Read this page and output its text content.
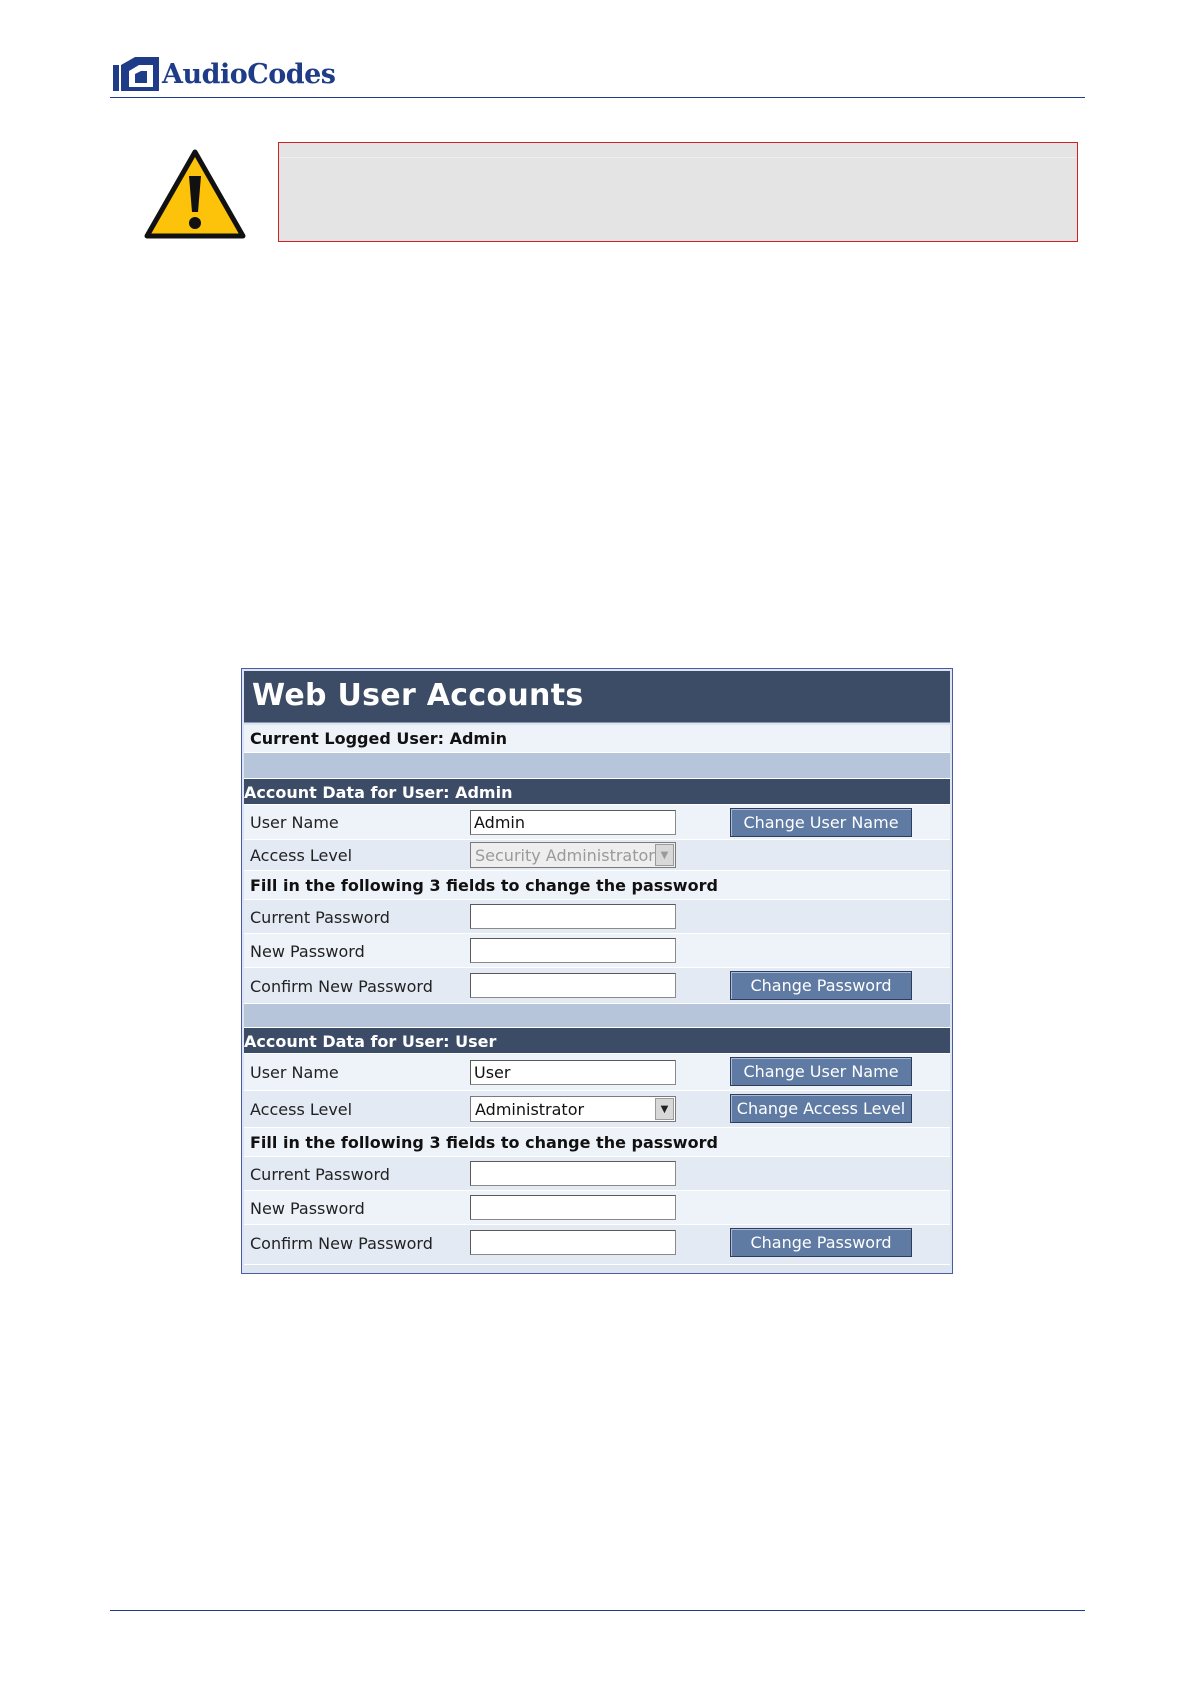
AudioCodes
Web User Accounts
Current Logged User: Admin
Account Data for User: Admin
User Name	Admin	Change User Name
Access Level	Security Administrator ▼
Fill in the following 3 fields to change the password
Current Password
New Password
Confirm New Password	Change Password
Account Data for User: User
User Name	User	Change User Name
Access Level	Administrator	▼	Change Access Level
Fill in the following 3 fields to change the password
Current Password
New Password
Confirm New Password	Change Password
